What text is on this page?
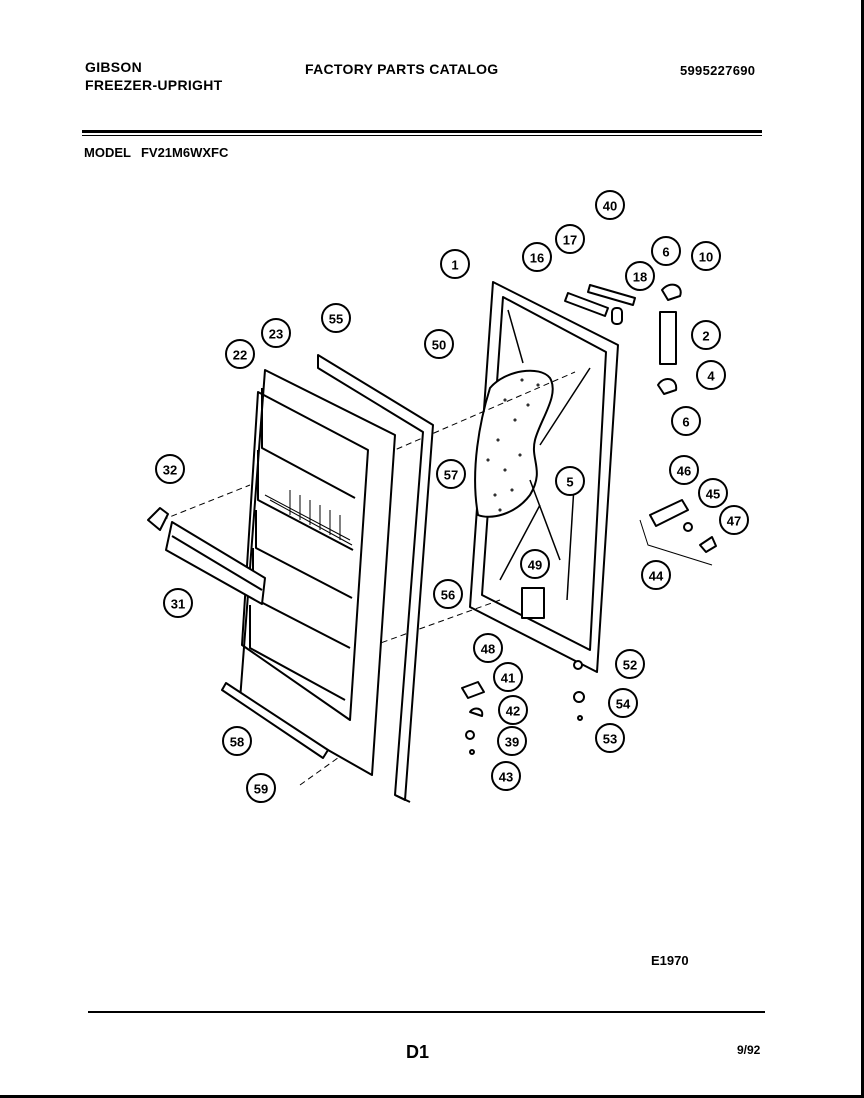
GIBSON
FREEZER-UPRIGHT
FACTORY PARTS CATALOG	5995227690
MODEL FV21M6WXFC
1
2
4
5
6
6
10
16
17
18
22
23
31
32
39
40
41
42
43
44
45
46
47
48
49
50
52
53
54
55
56
57
58
59
E1970
D1	9/92
